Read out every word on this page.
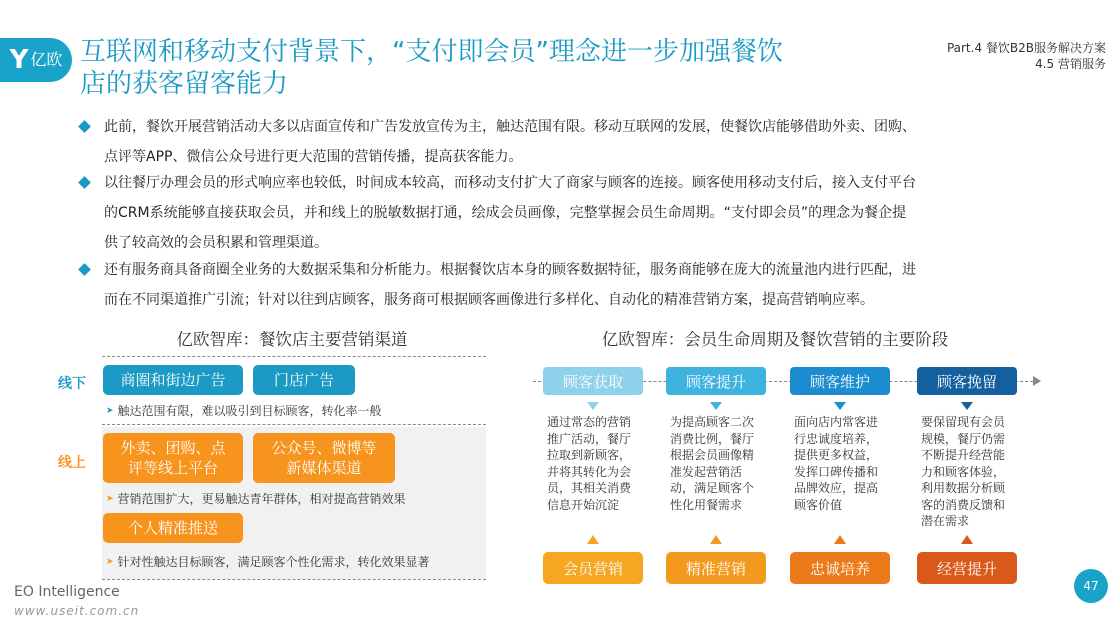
Y 亿欧 互联网和移动支付背景下，“支付即会员”理念进一步加强餐饮
店的获客留客能力
Part.4 餐饮B2B服务解决方案
4.5 营销服务
此前，餐饮开展营销活动大多以店面宣传和广告发放宣传为主，触达范围有限。移动互联网的发展，使餐饮店能够借助外卖、团购、
点评等APP、微信公众号进行更大范围的营销传播，提高获客能力。
以往餐厅办理会员的形式响应率也较低，时间成本较高，而移动支付扩大了商家与顾客的连接。顾客使用移动支付后，接入支付平台
的CRM系统能够直接获取会员，并和线上的脱敏数据打通，绘成会员画像，完整掌握会员生命周期。“支付即会员”的理念为餐企提
供了较高效的会员积累和管理渠道。
还有服务商具备商圈全业务的大数据采集和分析能力。根据餐饮店本身的顾客数据特征，服务商能够在庞大的流量池内进行匹配，进
而在不同渠道推广引流；针对以往到店顾客，服务商可根据顾客画像进行多样化、自动化的精准营销方案，提高营销响应率。
亿欧智库：餐饮店主要营销渠道
线下	商圈和街边广告	门店广告
➤ 触达范围有限，难以吸引到目标顾客，转化率一般
线上
外卖、团购、点
评等线上平台
公众号、微博等
新媒体渠道
➤ 营销范围扩大，更易触达青年群体，相对提高营销效果
个人精准推送
➤ 针对性触达目标顾客，满足顾客个性化需求，转化效果显著
亿欧智库：会员生命周期及餐饮营销的主要阶段
顾客获取
通过常态的营销
推广活动，餐厅
拉取到新顾客，
并将其转化为会
员，其相关消费
信息开始沉淀
会员营销
顾客提升
为提高顾客二次
消费比例，餐厅
根据会员画像精
准发起营销活
动，满足顾客个
性化用餐需求
精准营销
顾客维护
面向店内常客进
行忠诚度培养，
提供更多权益，
发挥口碑传播和
品牌效应，提高
顾客价值
忠诚培养
顾客挽留
要保留现有会员
规模，餐厅仍需
不断提升经营能
力和顾客体验，
利用数据分析顾
客的消费反馈和
潜在需求
经营提升
EO Intelligence
www.useit.com.cn
47
